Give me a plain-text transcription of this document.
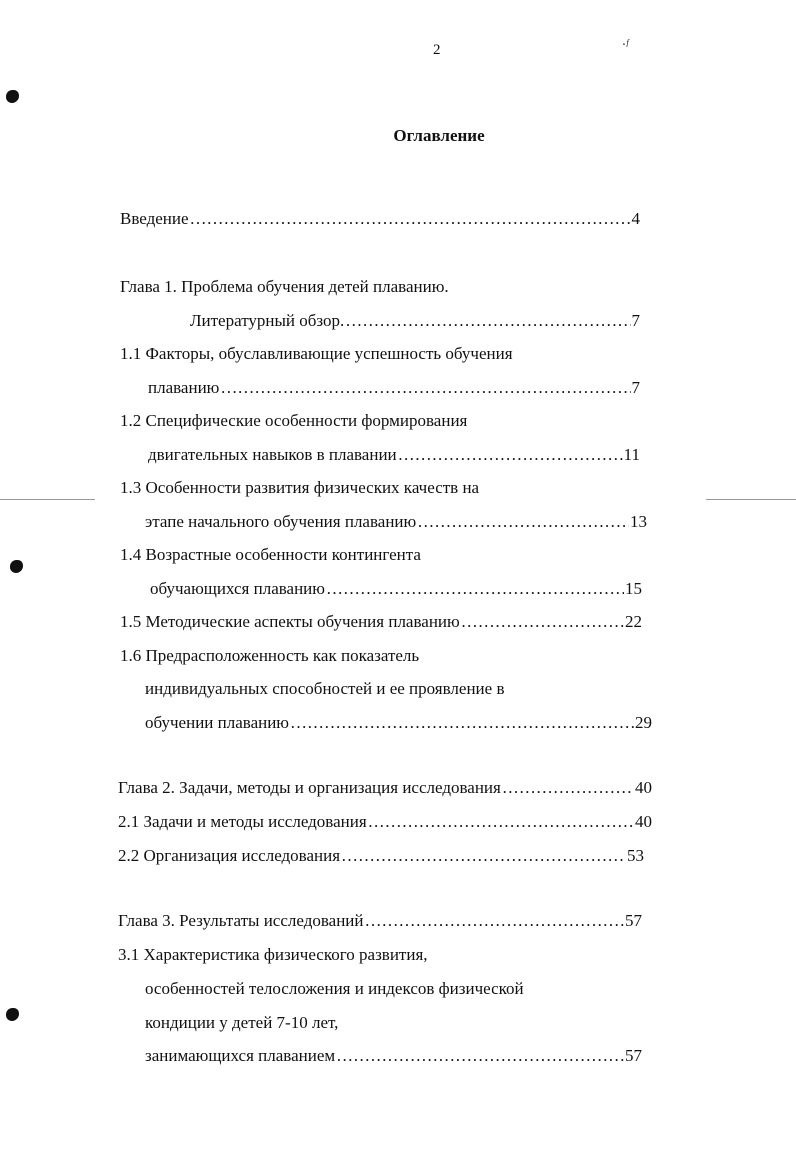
2	·ᶠ
Оглавление
Введение ………………………………………………………………………………………………………………………………	4
Глава 1. Проблема обучения детей плаванию.
Литературный обзор. ………………………………………………………………………………………………………………………………	7
1.1 Факторы, обуславливающие успешность обучения
плаванию ………………………………………………………………………………………………………………………………	7
1.2 Специфические особенности формирования
двигательных навыков в плавании ………………………………………………………………………………………………………………………………	11
1.3 Особенности развития физических качеств на
этапе начального обучения плаванию ………………………………………………………………………………………………………………………………	13
1.4 Возрастные особенности контингента
обучающихся плаванию ………………………………………………………………………………………………………………………………	15
1.5 Методические аспекты обучения плаванию ………………………………………………………………………………………………………………………………	22
1.6 Предрасположенность как показатель
индивидуальных способностей и ее проявление в
обучении плаванию ………………………………………………………………………………………………………………………………	29
Глава 2. Задачи, методы и организация исследования ………………………………………………………………………………………………………………………………	40
2.1 Задачи и методы исследования ………………………………………………………………………………………………………………………………	40
2.2 Организация исследования ………………………………………………………………………………………………………………………………	53
Глава 3. Результаты исследований ………………………………………………………………………………………………………………………………	57
3.1 Характеристика физического развития,
особенностей телосложения и индексов физической
кондиции у детей 7-10 лет,
занимающихся плаванием ………………………………………………………………………………………………………………………………	57
